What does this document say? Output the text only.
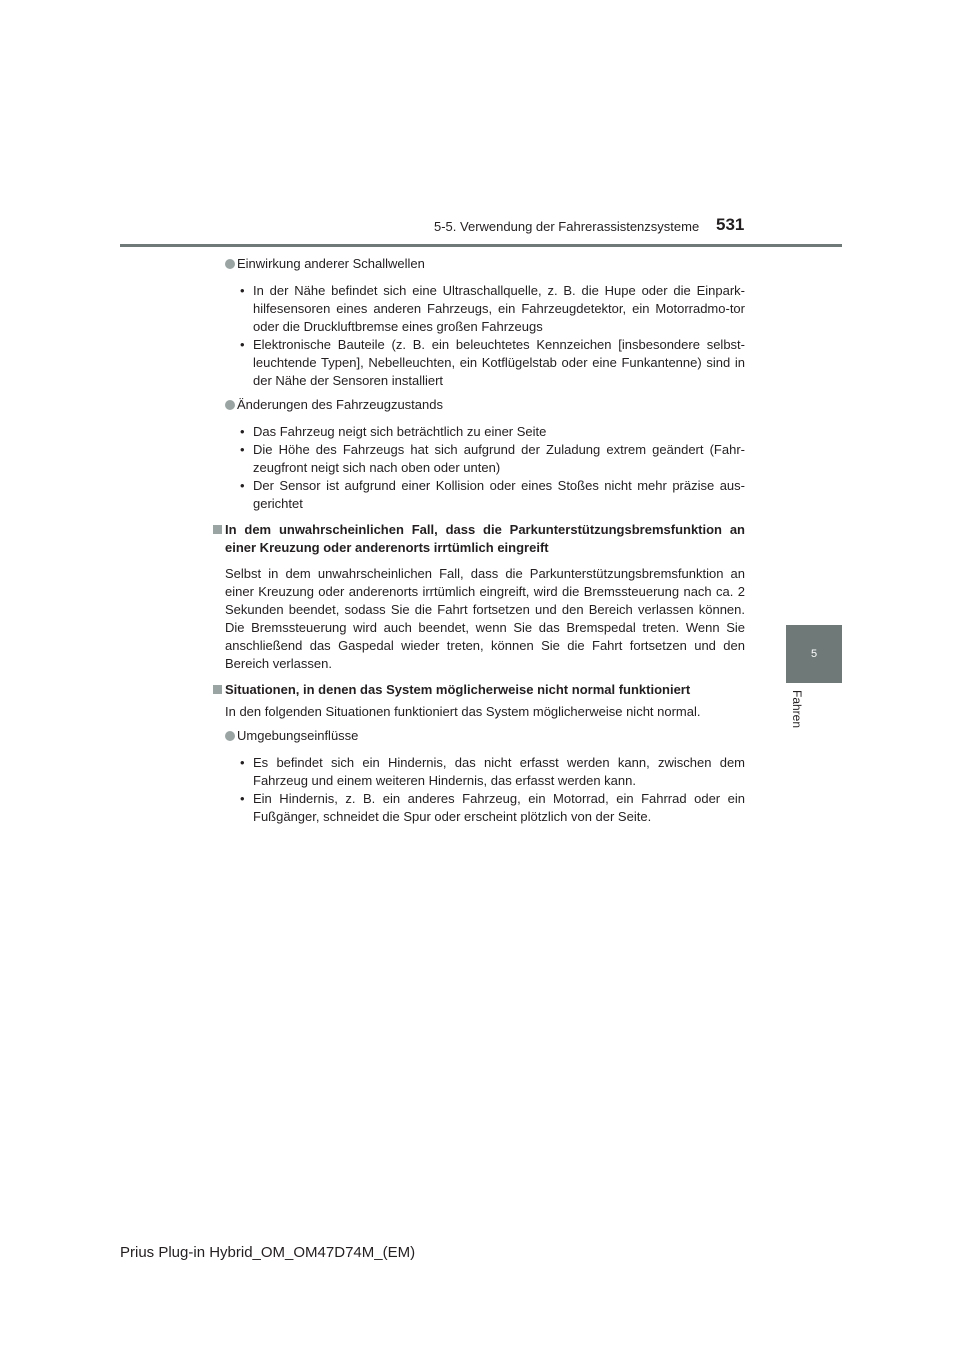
5-5. Verwendung der Fahrerassistenzsysteme 531
5
Fahren
Einwirkung anderer Schallwellen
• In der Nähe befindet sich eine Ultraschallquelle, z. B. die Hupe oder die Einpark-hilfesensoren eines anderen Fahrzeugs, ein Fahrzeugdetektor, ein Motorradmo-tor oder die Druckluftbremse eines großen Fahrzeugs
• Elektronische Bauteile (z. B. ein beleuchtetes Kennzeichen [insbesondere selbst-leuchtende Typen], Nebelleuchten, ein Kotflügelstab oder eine Funkantenne) sind in der Nähe der Sensoren installiert
Änderungen des Fahrzeugzustands
• Das Fahrzeug neigt sich beträchtlich zu einer Seite
• Die Höhe des Fahrzeugs hat sich aufgrund der Zuladung extrem geändert (Fahr-zeugfront neigt sich nach oben oder unten)
• Der Sensor ist aufgrund einer Kollision oder eines Stoßes nicht mehr präzise aus-gerichtet
In dem unwahrscheinlichen Fall, dass die Parkunterstützungsbremsfunktion an einer Kreuzung oder anderenorts irrtümlich eingreift
Selbst in dem unwahrscheinlichen Fall, dass die Parkunterstützungsbremsfunktion an einer Kreuzung oder anderenorts irrtümlich eingreift, wird die Bremssteuerung nach ca. 2 Sekunden beendet, sodass Sie die Fahrt fortsetzen und den Bereich verlassen können. Die Bremssteuerung wird auch beendet, wenn Sie das Bremspedal treten. Wenn Sie anschließend das Gaspedal wieder treten, können Sie die Fahrt fortsetzen und den Bereich verlassen.
Situationen, in denen das System möglicherweise nicht normal funktioniert
In den folgenden Situationen funktioniert das System möglicherweise nicht normal.
Umgebungseinflüsse
• Es befindet sich ein Hindernis, das nicht erfasst werden kann, zwischen dem Fahrzeug und einem weiteren Hindernis, das erfasst werden kann.
• Ein Hindernis, z. B. ein anderes Fahrzeug, ein Motorrad, ein Fahrrad oder ein Fußgänger, schneidet die Spur oder erscheint plötzlich von der Seite.
Prius Plug-in Hybrid_OM_OM47D74M_(EM)
